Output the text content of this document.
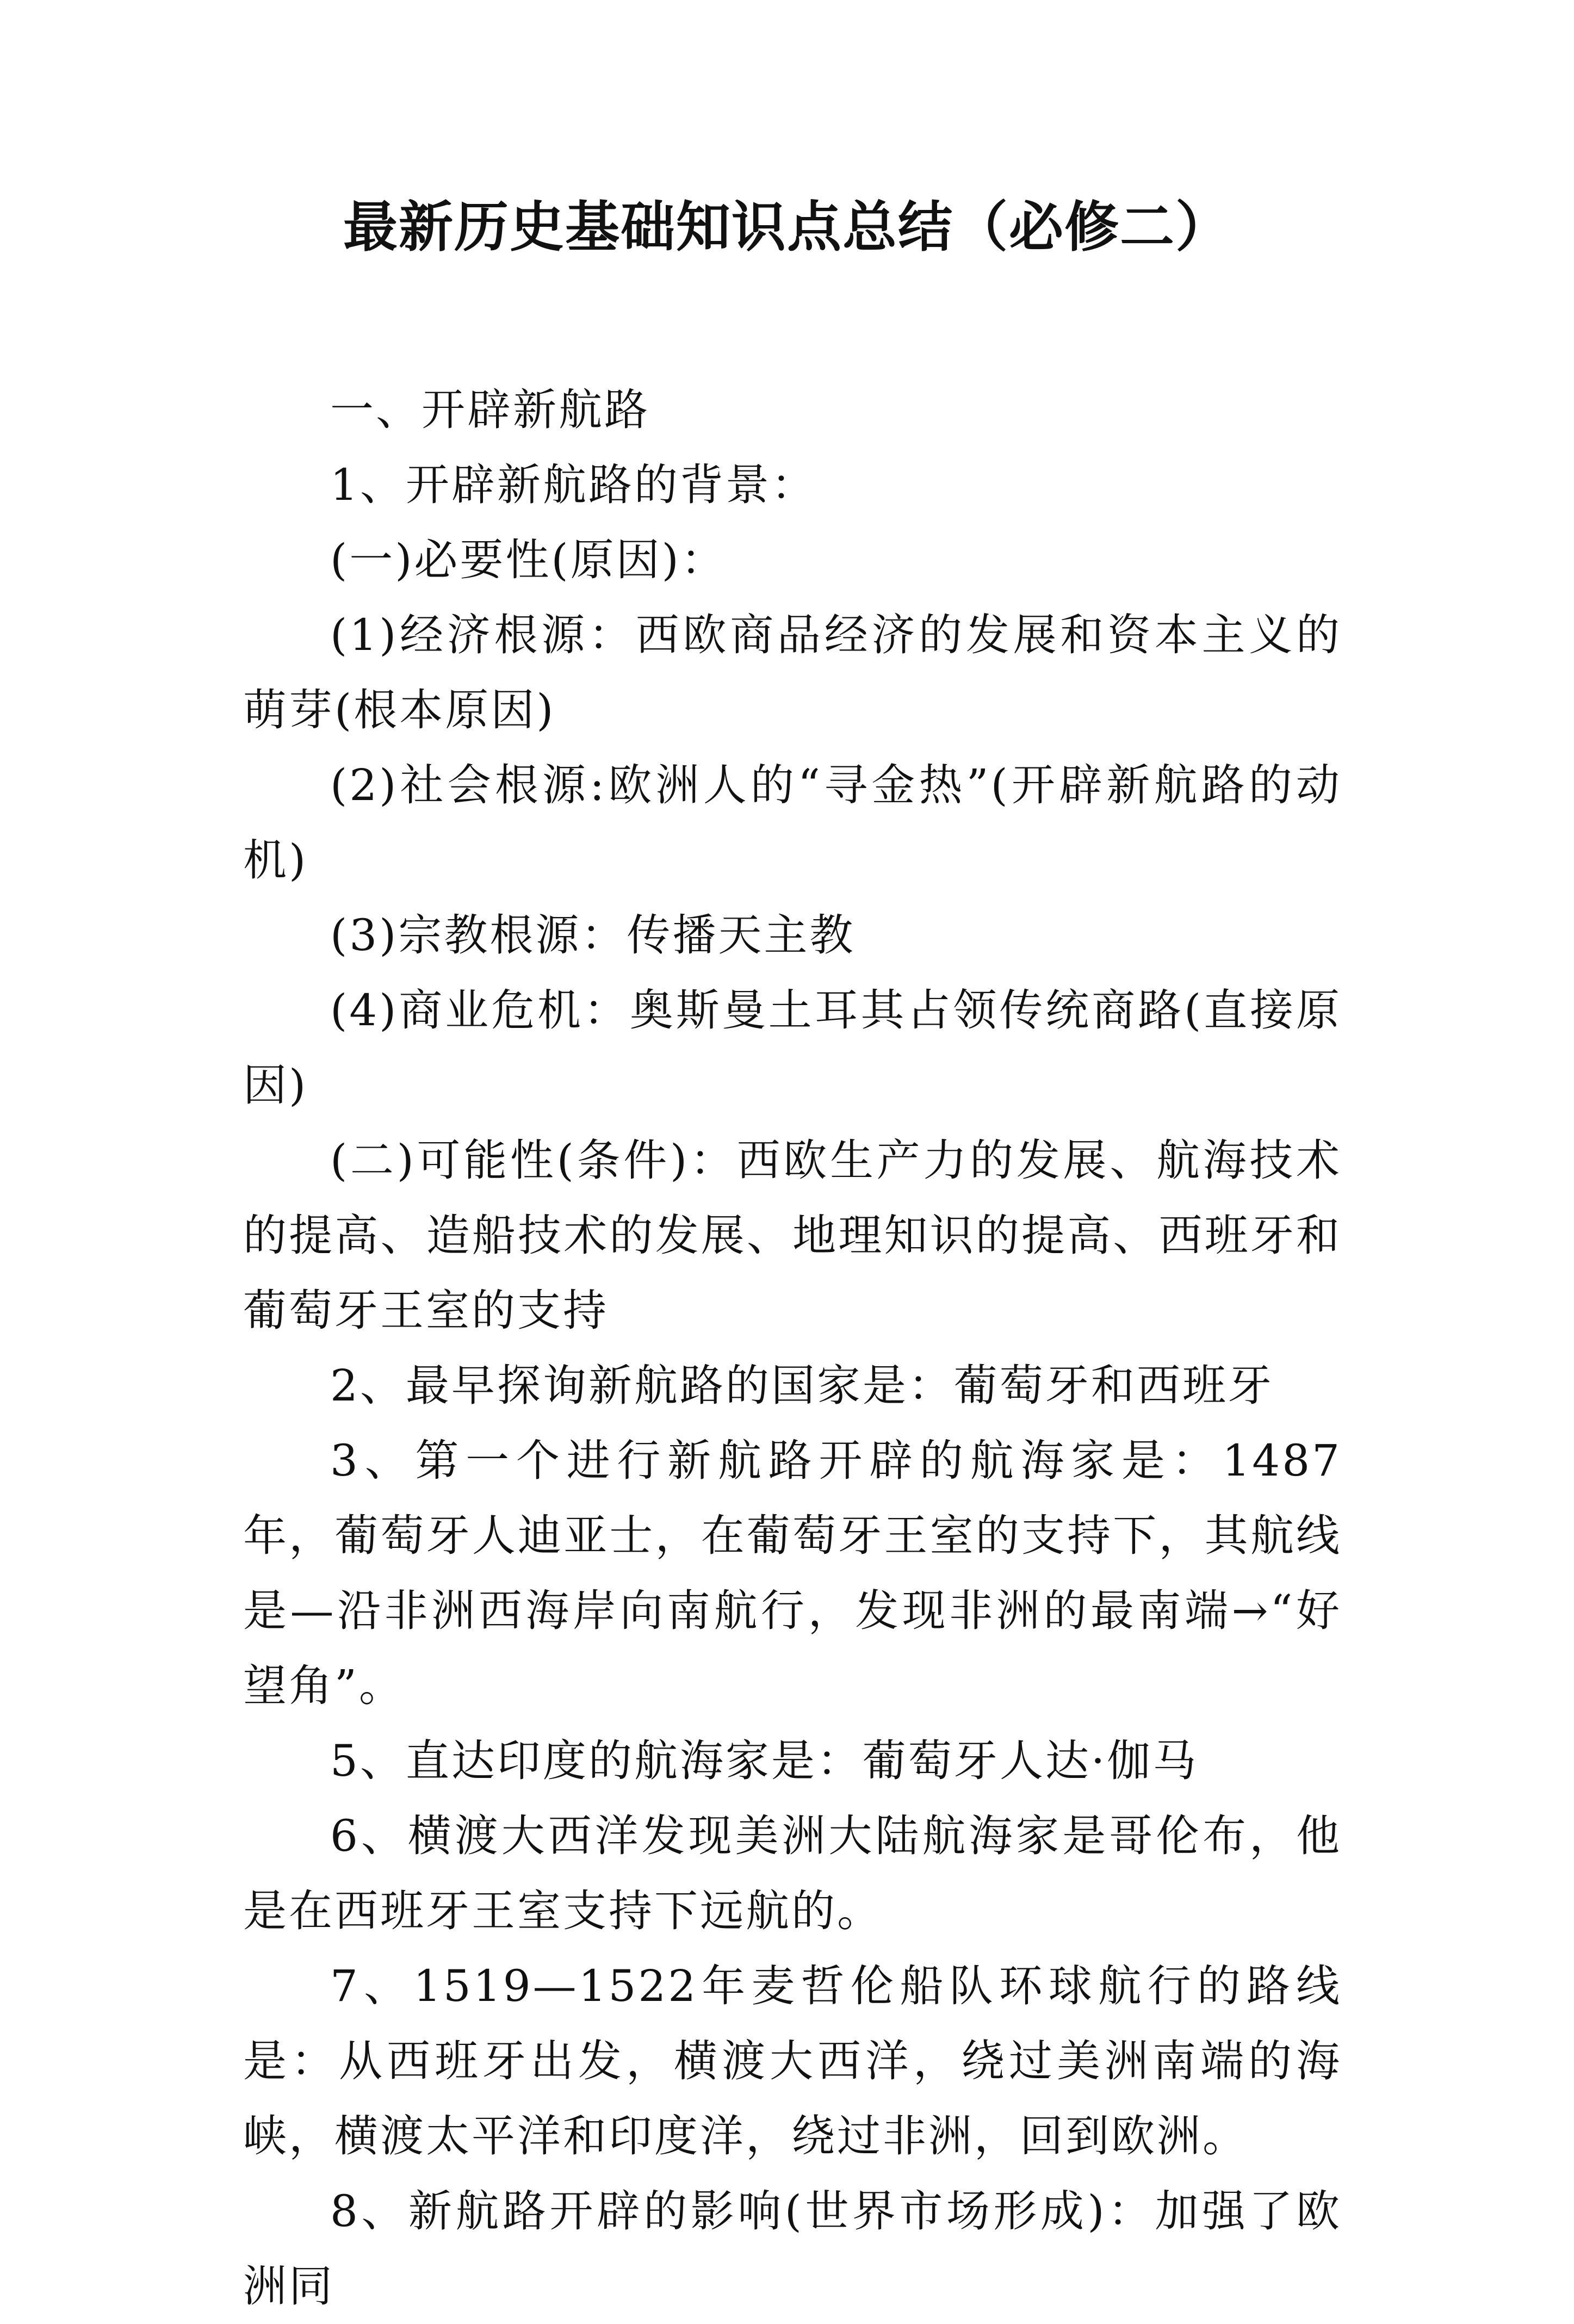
最新历史基础知识点总结（必修二）

一、开辟新航路

1、开辟新航路的背景：

(一)必要性(原因)：

(1)经济根源：西欧商品经济的发展和资本主义的萌芽(根本原因)

(2)社会根源:欧洲人的“寻金热”(开辟新航路的动机)

(3)宗教根源：传播天主教

(4)商业危机：奥斯曼土耳其占领传统商路(直接原因)

(二)可能性(条件)：西欧生产力的发展、航海技术的提高、造船技术的发展、地理知识的提高、西班牙和葡萄牙王室的支持

2、最早探询新航路的国家是：葡萄牙和西班牙

3、第一个进行新航路开辟的航海家是：1487年，葡萄牙人迪亚士，在葡萄牙王室的支持下，其航线是—沿非洲西海岸向南航行，发现非洲的最南端→“好望角”。

5、直达印度的航海家是：葡萄牙人达·伽马

6、横渡大西洋发现美洲大陆航海家是哥伦布，他是在西班牙王室支持下远航的。

7、1519—1522年麦哲伦船队环球航行的路线是：从西班牙出发，横渡大西洋，绕过美洲南端的海峡，横渡太平洋和印度洋，绕过非洲，回到欧洲。

8、新航路开辟的影响(世界市场形成)：加强了欧洲同
